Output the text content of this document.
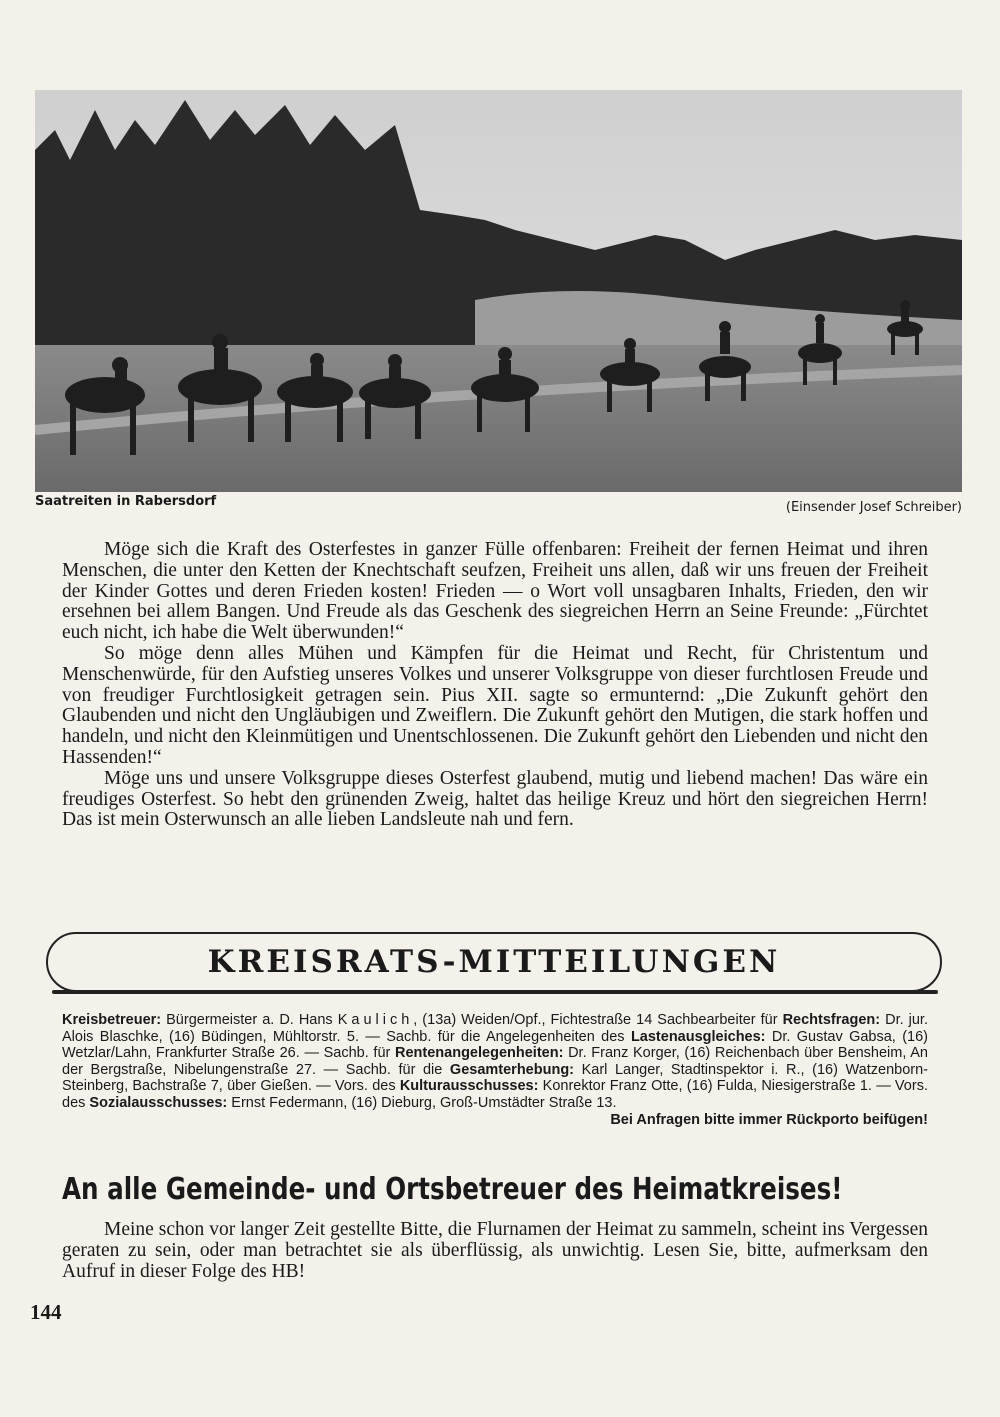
Saatreiten in Rabersdorf	(Einsender Josef Schreiber)

Möge sich die Kraft des Osterfestes in ganzer Fülle offenbaren: Freiheit der fernen Heimat und ihren Menschen, die unter den Ketten der Knechtschaft seufzen, Freiheit uns allen, daß wir uns freuen der Freiheit der Kinder Gottes und deren Frieden kosten! Frieden — o Wort voll unsagbaren Inhalts, Frieden, den wir ersehnen bei allem Bangen. Und Freude als das Geschenk des siegreichen Herrn an Seine Freunde: „Fürchtet euch nicht, ich habe die Welt überwunden!“

So möge denn alles Mühen und Kämpfen für die Heimat und Recht, für Christentum und Menschenwürde, für den Aufstieg unseres Volkes und unserer Volksgruppe von dieser furchtlosen Freude und von freudiger Furchtlosigkeit getragen sein. Pius XII. sagte so ermunternd: „Die Zukunft gehört den Glaubenden und nicht den Ungläubigen und Zweiflern. Die Zukunft gehört den Mutigen, die stark hoffen und handeln, und nicht den Kleinmütigen und Unentschlossenen. Die Zukunft gehört den Liebenden und nicht den Hassenden!“

Möge uns und unsere Volksgruppe dieses Osterfest glaubend, mutig und liebend machen! Das wäre ein freudiges Osterfest. So hebt den grünenden Zweig, haltet das heilige Kreuz und hört den siegreichen Herrn! Das ist mein Osterwunsch an alle lieben Landsleute nah und fern.

KREISRATS-MITTEILUNGEN
Kreisbetreuer: Bürgermeister a. D. Hans Kaulich, (13a) Weiden/Opf., Fichtestraße 14 Sachbearbeiter für Rechtsfragen: Dr. jur. Alois Blaschke, (16) Büdingen, Mühltorstr. 5. — Sachb. für die Angelegenheiten des Lastenausgleiches: Dr. Gustav Gabsa, (16) Wetzlar/Lahn, Frankfurter Straße 26. — Sachb. für Rentenangelegenheiten: Dr. Franz Korger, (16) Reichenbach über Bensheim, An der Bergstraße, Nibelungenstraße 27. — Sachb. für die Gesamterhebung: Karl Langer, Stadtinspektor i. R., (16) Watzenborn-Steinberg, Bachstraße 7, über Gießen. — Vors. des Kulturausschusses: Konrektor Franz Otte, (16) Fulda, Niesigerstraße 1. — Vors. des Sozialausschusses: Ernst Federmann, (16) Dieburg, Groß-Umstädter Straße 13.
Bei Anfragen bitte immer Rückporto beifügen!
An alle Gemeinde- und Ortsbetreuer des Heimatkreises!

Meine schon vor langer Zeit gestellte Bitte, die Flurnamen der Heimat zu sammeln, scheint ins Vergessen geraten zu sein, oder man betrachtet sie als überflüssig, als unwichtig. Lesen Sie, bitte, aufmerksam den Aufruf in dieser Folge des HB!

144
